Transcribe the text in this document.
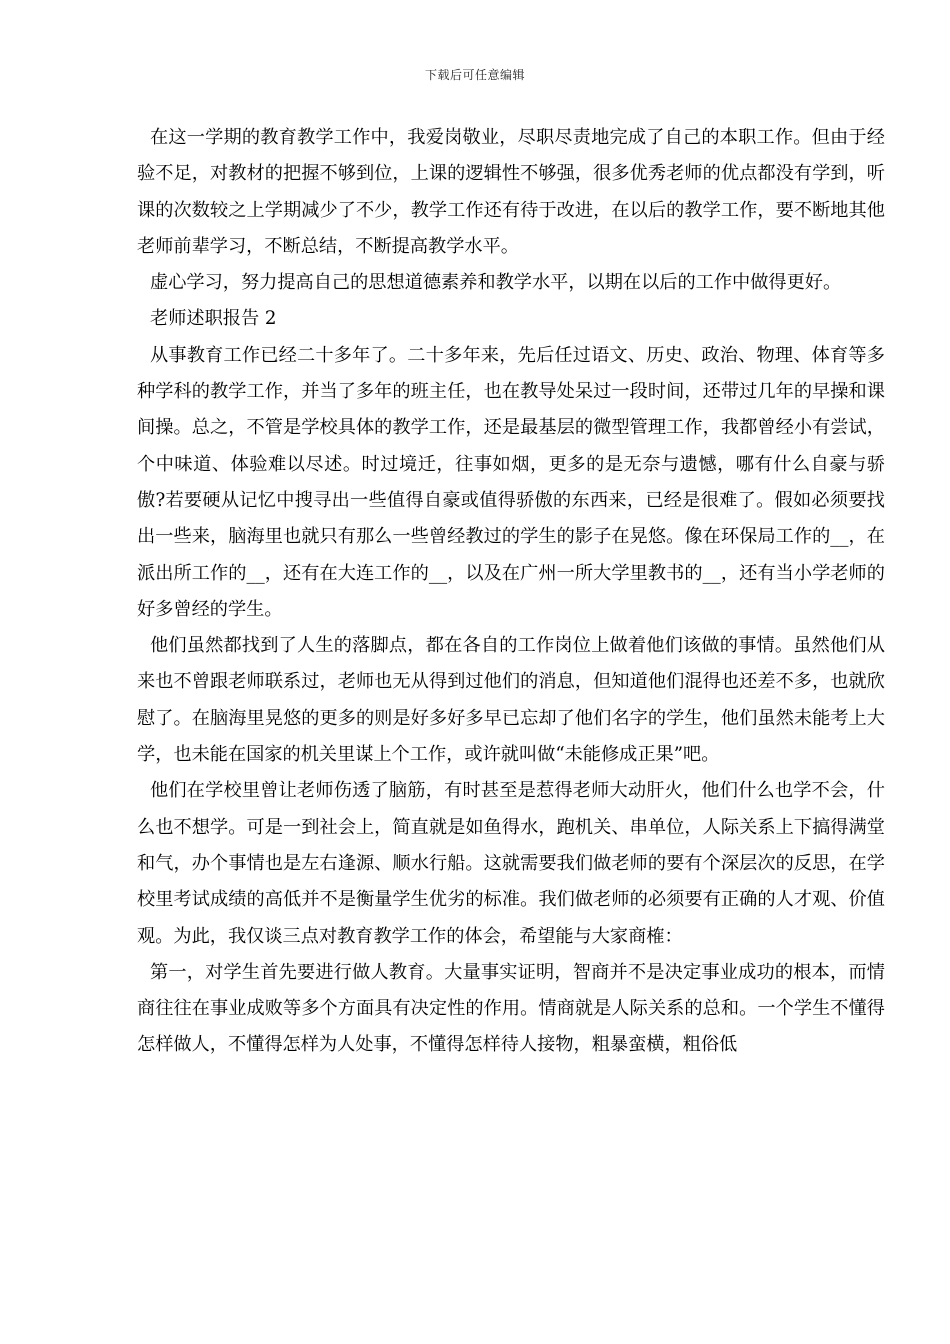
下载后可任意编辑

在这一学期的教育教学工作中，我爱岗敬业，尽职尽责地完成了自己的本职工作。但由于经验不足，对教材的把握不够到位，上课的逻辑性不够强，很多优秀老师的优点都没有学到，听课的次数较之上学期减少了不少，教学工作还有待于改进，在以后的教学工作，要不断地其他老师前辈学习，不断总结，不断提高教学水平。

虚心学习，努力提高自己的思想道德素养和教学水平，以期在以后的工作中做得更好。

老师述职报告 2

从事教育工作已经二十多年了。二十多年来，先后任过语文、历史、政治、物理、体育等多种学科的教学工作，并当了多年的班主任，也在教导处呆过一段时间，还带过几年的早操和课间操。总之，不管是学校具体的教学工作，还是最基层的微型管理工作，我都曾经小有尝试，个中味道、体验难以尽述。时过境迁，往事如烟，更多的是无奈与遗憾，哪有什么自豪与骄傲?若要硬从记忆中搜寻出一些值得自豪或值得骄傲的东西来，已经是很难了。假如必须要找出一些来，脑海里也就只有那么一些曾经教过的学生的影子在晃悠。像在环保局工作的__，在派出所工作的__，还有在大连工作的__，以及在广州一所大学里教书的__，还有当小学老师的好多曾经的学生。

他们虽然都找到了人生的落脚点，都在各自的工作岗位上做着他们该做的事情。虽然他们从来也不曾跟老师联系过，老师也无从得到过他们的消息，但知道他们混得也还差不多，也就欣慰了。在脑海里晃悠的更多的则是好多好多早已忘却了他们名字的学生，他们虽然未能考上大学，也未能在国家的机关里谋上个工作，或许就叫做“未能修成正果”吧。

他们在学校里曾让老师伤透了脑筋，有时甚至是惹得老师大动肝火，他们什么也学不会，什么也不想学。可是一到社会上，简直就是如鱼得水，跑机关、串单位，人际关系上下搞得满堂和气，办个事情也是左右逢源、顺水行船。这就需要我们做老师的要有个深层次的反思，在学校里考试成绩的高低并不是衡量学生优劣的标准。我们做老师的必须要有正确的人才观、价值观。为此，我仅谈三点对教育教学工作的体会，希望能与大家商榷：

第一，对学生首先要进行做人教育。大量事实证明，智商并不是决定事业成功的根本，而情商往往在事业成败等多个方面具有决定性的作用。情商就是人际关系的总和。一个学生不懂得怎样做人，不懂得怎样为人处事，不懂得怎样待人接物，粗暴蛮横，粗俗低
